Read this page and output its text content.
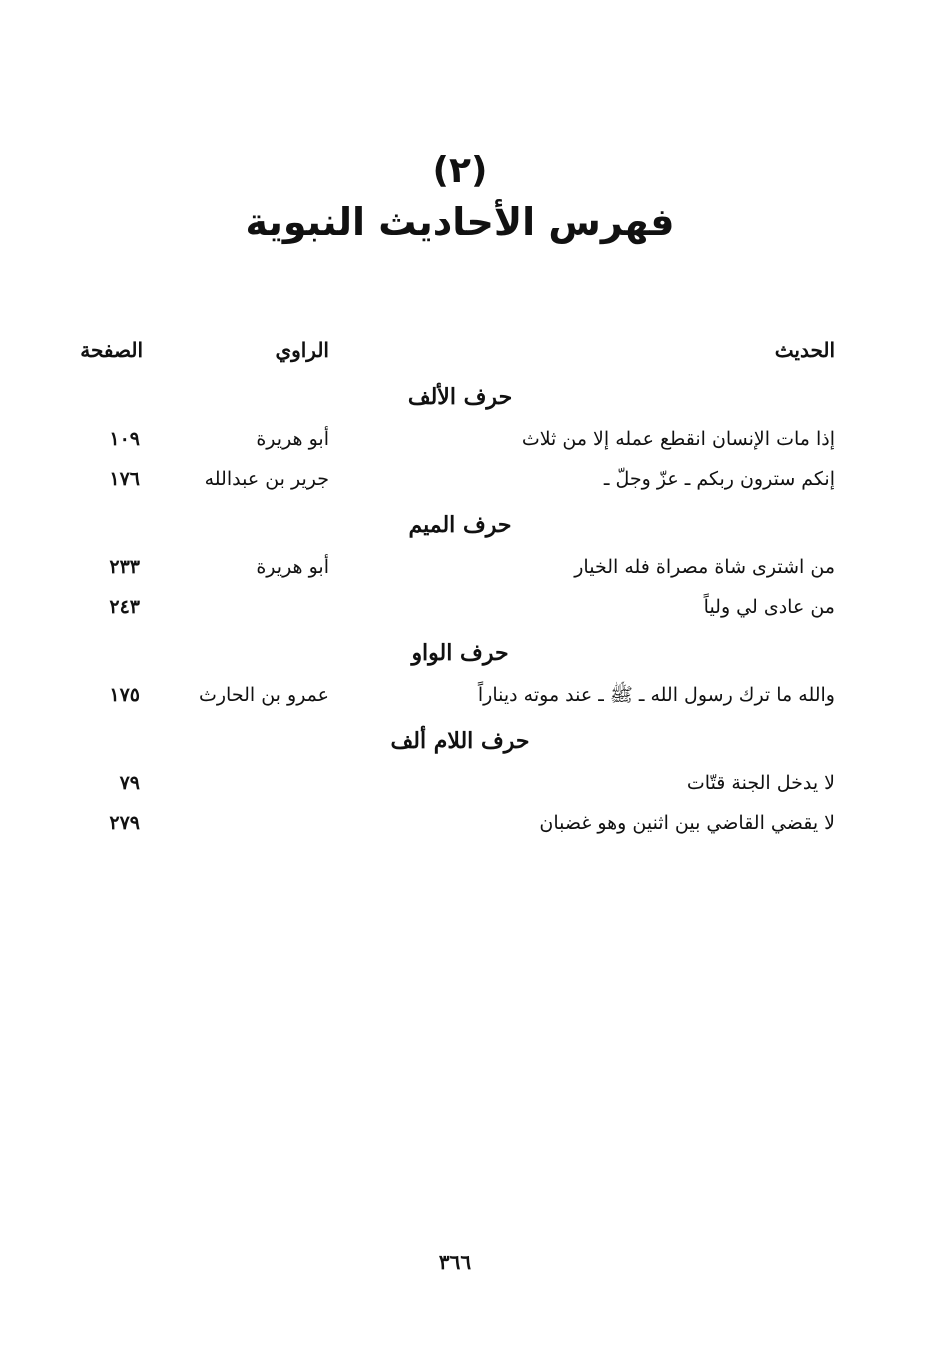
(٢)
فهرس الأحاديث النبوية
الحديث
الراوي
الصفحة
حرف الألف
إذا مات الإنسان انقطع عمله إلا من ثلاث
أبو هريرة
١٠٩
إنكم سترون ربكم ـ عزّ وجلّ ـ
جرير بن عبدالله
١٧٦
حرف الميم
من اشترى شاة مصراة فله الخيار
أبو هريرة
٢٣٣
من عادى لي ولياً
٢٤٣
حرف الواو
والله ما ترك رسول الله ـ ﷺ ـ عند موته ديناراً
عمرو بن الحارث
١٧٥
حرف اللام ألف
لا يدخل الجنة قتّات
٧٩
لا يقضي القاضي بين اثنين وهو غضبان
٢٧٩
٣٦٦
